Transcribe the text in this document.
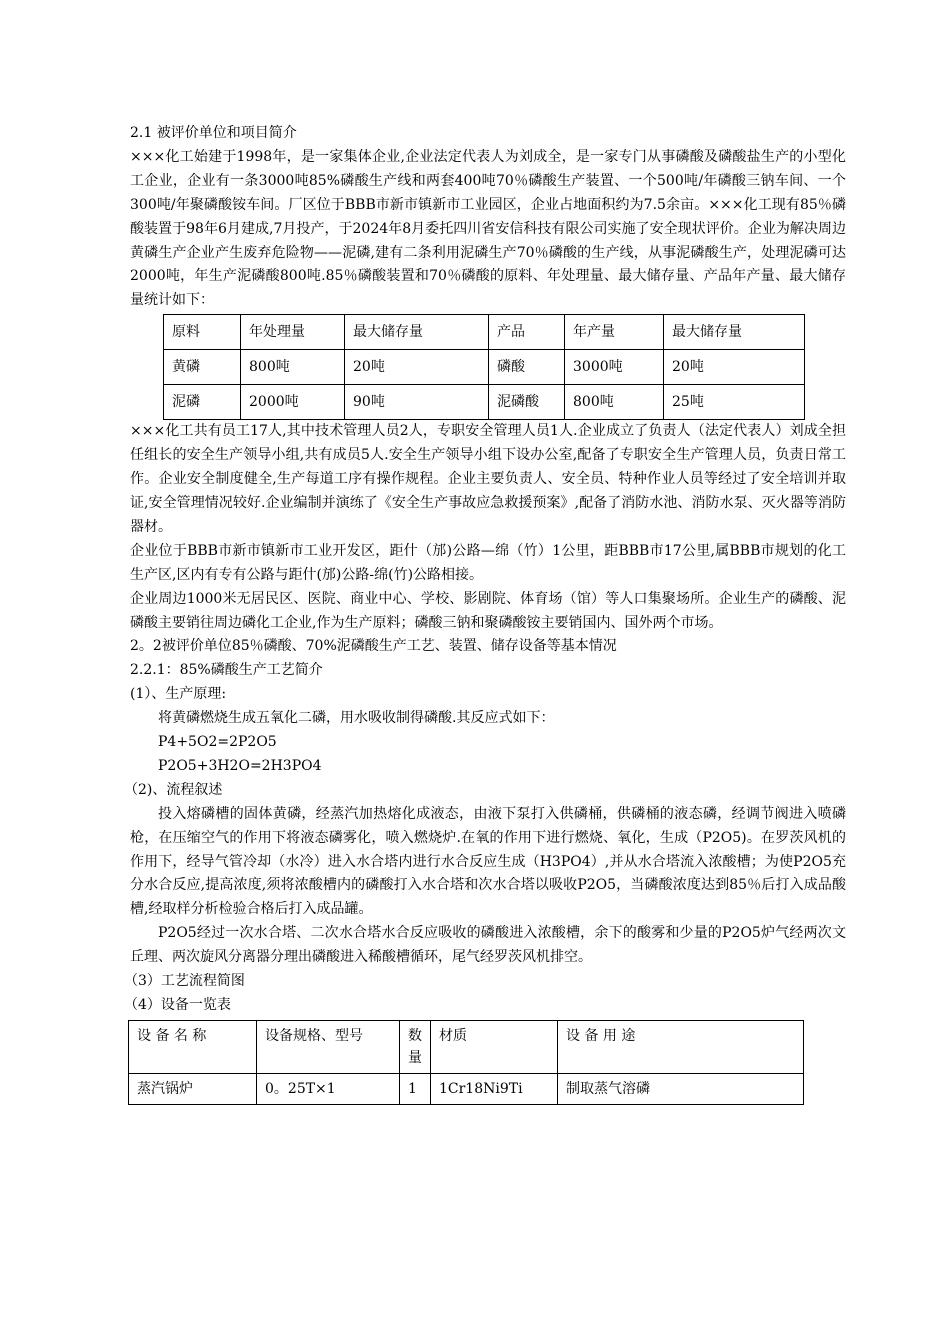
2.1 被评价单位和项目简介

×××化工始建于1998年，是一家集体企业,企业法定代表人为刘成全，是一家专门从事磷酸及磷酸盐生产的小型化工企业，企业有一条3000吨85%磷酸生产线和两套400吨70％磷酸生产装置、一个500吨/年磷酸三钠车间、一个300吨/年聚磷酸铵车间。厂区位于BBB市新市镇新市工业园区，企业占地面积约为7.5余亩。×××化工现有85％磷酸装置于98年6月建成,7月投产，于2024年8月委托四川省安信科技有限公司实施了安全现状评价。企业为解决周边黄磷生产企业产生废弃危险物——泥磷,建有二条利用泥磷生产70％磷酸的生产线，从事泥磷酸生产，处理泥磷可达2000吨，年生产泥磷酸800吨.85％磷酸装置和70％磷酸的原料、年处理量、最大储存量、产品年产量、最大储存量统计如下：

原料	年处理量	最大储存量	产品	年产量	最大储存量
黄磷	800吨	20吨	磷酸	3000吨	20吨
泥磷	2000吨	90吨	泥磷酸	800吨	25吨

×××化工共有员工17人,其中技术管理人员2人，专职安全管理人员1人.企业成立了负责人（法定代表人）刘成全担任组长的安全生产领导小组,共有成员5人.安全生产领导小组下设办公室,配备了专职安全生产管理人员，负责日常工作。企业安全制度健全,生产每道工序有操作规程。企业主要负责人、安全员、特种作业人员等经过了安全培训并取证,安全管理情况较好.企业编制并演练了《安全生产事故应急救援预案》,配备了消防水池、消防水泵、灭火器等消防器材。

企业位于BBB市新市镇新市工业开发区，距什（邡)公路—绵（竹）1公里，距BBB市17公里,属BBB市规划的化工生产区,区内有专有公路与距什(邡)公路-绵(竹)公路相接。

企业周边1000米无居民区、医院、商业中心、学校、影剧院、体育场（馆）等人口集聚场所。企业生产的磷酸、泥磷酸主要销往周边磷化工企业,作为生产原料；磷酸三钠和聚磷酸铵主要销国内、国外两个市场。

2。2被评价单位85％磷酸、70%泥磷酸生产工艺、装置、储存设备等基本情况

2.2.1：85%磷酸生产工艺简介

(1）、生产原理:

将黄磷燃烧生成五氧化二磷，用水吸收制得磷酸.其反应式如下：

P4+5O2=2P2O5

P2O5+3H2O=2H3PO4

（2)、流程叙述

投入熔磷槽的固体黄磷，经蒸汽加热熔化成液态，由液下泵打入供磷桶，供磷桶的液态磷，经调节阀进入喷磷枪，在压缩空气的作用下将液态磷雾化，喷入燃烧炉.在氧的作用下进行燃烧、氧化，生成（P2O5)。在罗茨风机的作用下，经导气管冷却（水冷）进入水合塔内进行水合反应生成（H3PO4）,并从水合塔流入浓酸槽；为使P2O5充分水合反应,提高浓度,须将浓酸槽内的磷酸打入水合塔和次水合塔以吸收P2O5，当磷酸浓度达到85％后打入成品酸槽,经取样分析检验合格后打入成品罐。

P2O5经过一次水合塔、二次水合塔水合反应吸收的磷酸进入浓酸槽，余下的酸雾和少量的P2O5炉气经两次文丘理、两次旋风分离器分理出磷酸进入稀酸槽循环，尾气经罗茨风机排空。

（3）工艺流程简图

（4）设备一览表

设 备 名 称	设备规格、型号	数量	材质	设 备 用 途
蒸汽锅炉	0。25T×1	1	1Cr18Ni9Ti	制取蒸气溶磷
